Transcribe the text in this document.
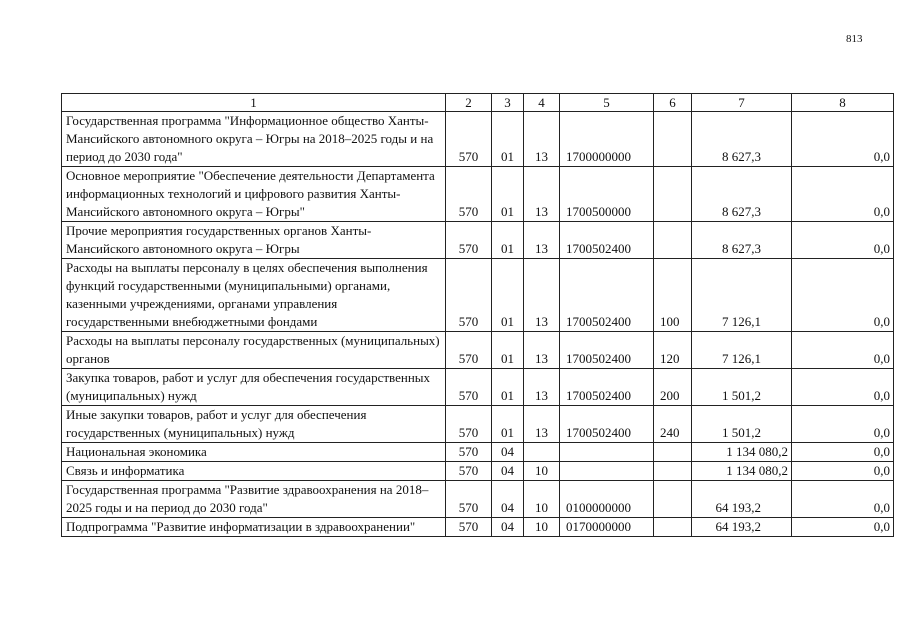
813
1	2	3	4	5	6	7	8
Государственная программа "Информационное общество Ханты-Мансийского автономного округа – Югры на 2018–2025 годы и на период до 2030 года"	570	01	13	1700000000		8 627,3	0,0
Основное мероприятие "Обеспечение деятельности Департамента информационных технологий и цифрового развития Ханты-Мансийского автономного округа – Югры"	570	01	13	1700500000		8 627,3	0,0
Прочие мероприятия государственных органов Ханты-Мансийского автономного округа – Югры	570	01	13	1700502400		8 627,3	0,0
Расходы на выплаты персоналу в целях обеспечения выполнения функций государственными (муниципальными) органами, казенными учреждениями, органами управления государственными внебюджетными фондами	570	01	13	1700502400	100	7 126,1	0,0
Расходы на выплаты персоналу государственных (муниципальных) органов	570	01	13	1700502400	120	7 126,1	0,0
Закупка товаров, работ и услуг для обеспечения государственных (муниципальных) нужд	570	01	13	1700502400	200	1 501,2	0,0
Иные закупки товаров, работ и услуг для обеспечения государственных (муниципальных) нужд	570	01	13	1700502400	240	1 501,2	0,0
Национальная экономика	570	04				1 134 080,2	0,0
Связь и информатика	570	04	10			1 134 080,2	0,0
Государственная программа "Развитие здравоохранения на 2018–2025 годы и на период до 2030 года"	570	04	10	0100000000		64 193,2	0,0
Подпрограмма "Развитие информатизации в здравоохранении"	570	04	10	0170000000		64 193,2	0,0
